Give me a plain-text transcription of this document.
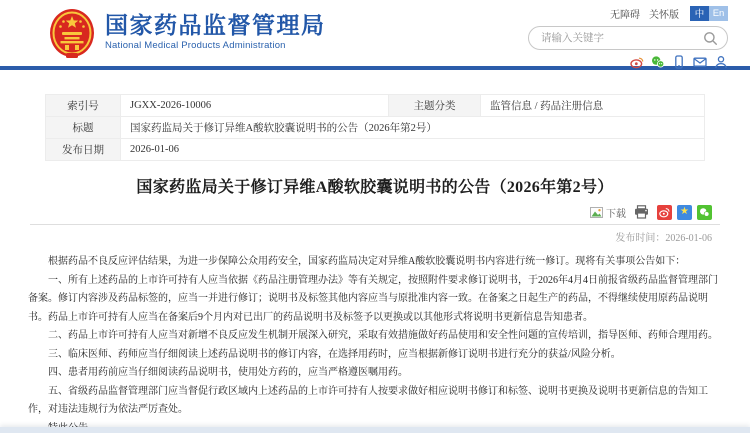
国家药品监督管理局
National Medical Products Administration
无障碍 关怀版	中 En
请输入关键字
索引号	JGXX-2026-10006	主题分类	监管信息 / 药品注册信息
标题	国家药监局关于修订异维A酸软胶囊说明书的公告（2026年第2号）		
发布日期	2026-01-06		
国家药监局关于修订异维A酸软胶囊说明书的公告（2026年第2号）
下载	★
发布时间：2026-01-06

根据药品不良反应评估结果，为进一步保障公众用药安全，国家药监局决定对异维A酸软胶囊说明书内容进行统一修订。现将有关事项公告如下：

一、所有上述药品的上市许可持有人应当依据《药品注册管理办法》等有关规定，按照附件要求修订说明书，于2026年4月4日前报省级药品监督管理部门备案。修订内容涉及药品标签的，应当一并进行修订；说明书及标签其他内容应当与原批准内容一致。在备案之日起生产的药品，不得继续使用原药品说明书。药品上市许可持有人应当在备案后9个月内对已出厂的药品说明书及标签予以更换或以其他形式将说明书更新信息告知患者。

二、药品上市许可持有人应当对新增不良反应发生机制开展深入研究，采取有效措施做好药品使用和安全性问题的宣传培训，指导医师、药师合理用药。

三、临床医师、药师应当仔细阅读上述药品说明书的修订内容，在选择用药时，应当根据新修订说明书进行充分的获益/风险分析。

四、患者用药前应当仔细阅读药品说明书，使用处方药的，应当严格遵医嘱用药。

五、省级药品监督管理部门应当督促行政区域内上述药品的上市许可持有人按要求做好相应说明书修订和标签、说明书更换及说明书更新信息的告知工作，对违法违规行为依法严厉查处。
